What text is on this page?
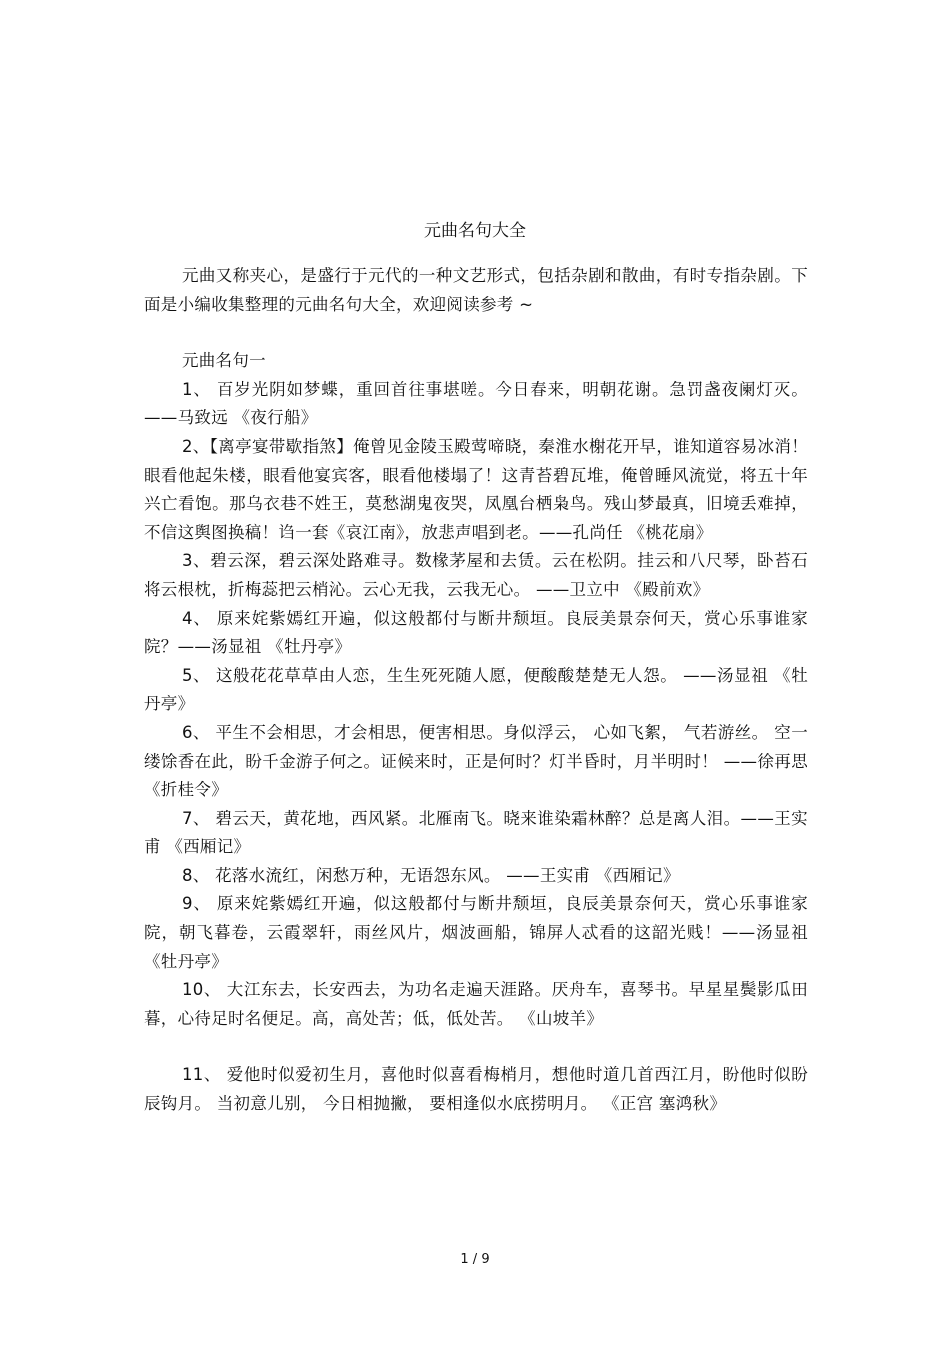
元曲名句大全

元曲又称夹心，是盛行于元代的一种文艺形式，包括杂剧和散曲，有时专指杂剧。下面是小编收集整理的元曲名句大全，欢迎阅读参考 ~

元曲名句一

1、 百岁光阴如梦蝶，重回首往事堪嗟。今日春来，明朝花谢。急罚盏夜阑灯灭。 ——马致远 《夜行船》

2、【离亭宴带歇指煞】俺曾见金陵玉殿莺啼晓，秦淮水榭花开早，谁知道容易冰消！眼看他起朱楼，眼看他宴宾客，眼看他楼塌了！这青苔碧瓦堆，俺曾睡风流觉，将五十年兴亡看饱。那乌衣巷不姓王，莫愁湖鬼夜哭，凤凰台栖枭鸟。残山梦最真，旧境丢难掉，不信这舆图换稿！诌一套《哀江南》，放悲声唱到老。——孔尚任 《桃花扇》

3、碧云深，碧云深处路难寻。数椽茅屋和去赁。云在松阴。挂云和八尺琴，卧苔石将云根枕，折梅蕊把云梢沁。云心无我，云我无心。 ——卫立中 《殿前欢》

4、 原来姹紫嫣红开遍，似这般都付与断井颓垣。良辰美景奈何天，赏心乐事谁家院？——汤显祖 《牡丹亭》

5、 这般花花草草由人恋，生生死死随人愿，便酸酸楚楚无人怨。 ——汤显祖 《牡丹亭》

6、 平生不会相思，才会相思，便害相思。身似浮云， 心如飞絮， 气若游丝。 空一缕馀香在此，盼千金游子何之。证候来时，正是何时？灯半昏时，月半明时！ ——徐再思 《折桂令》

7、 碧云天，黄花地，西风紧。北雁南飞。晓来谁染霜林醉？总是离人泪。——王实甫 《西厢记》

8、 花落水流红，闲愁万种，无语怨东风。 ——王实甫 《西厢记》

9、 原来姹紫嫣红开遍，似这般都付与断井颓垣，良辰美景奈何天，赏心乐事谁家院，朝飞暮卷，云霞翠轩，雨丝风片，烟波画船，锦屏人忒看的这韶光贱！——汤显祖 《牡丹亭》

10、 大江东去，长安西去，为功名走遍天涯路。厌舟车，喜琴书。早星星鬓影瓜田暮，心待足时名便足。高，高处苦；低，低处苦。 《山坡羊》

11、 爱他时似爱初生月，喜他时似喜看梅梢月，想他时道几首西江月，盼他时似盼辰钩月。 当初意儿别， 今日相抛撇， 要相逢似水底捞明月。 《正宫 塞鸿秋》

1 / 9
